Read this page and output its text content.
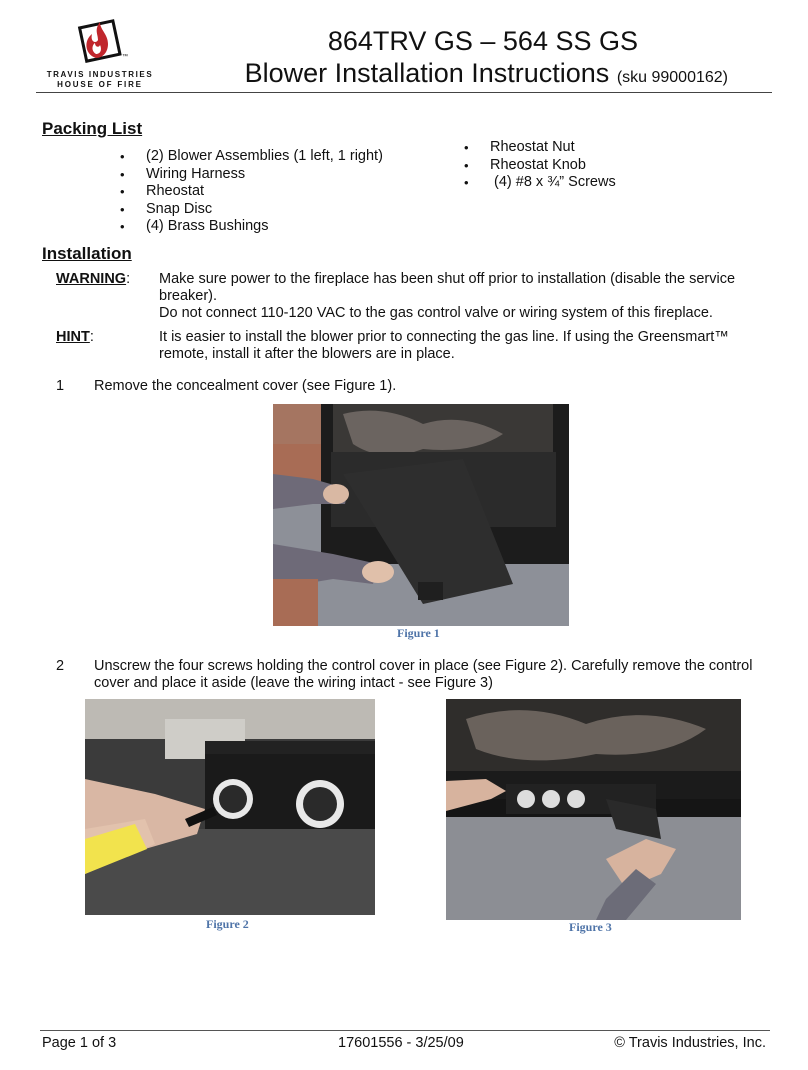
™
TRAVIS INDUSTRIES
HOUSE OF FIRE
864TRV GS – 564 SS GS
Blower Installation Instructions (sku 99000162)
Packing List
• (2) Blower Assemblies (1 left, 1 right)
• Wiring Harness
• Rheostat
• Snap Disc
• (4) Brass Bushings
• Rheostat Nut
• Rheostat Knob
•  (4) #8 x ¾” Screws
Installation
WARNING: Make sure power to the fireplace has been shut off prior to installation (disable the service breaker).
Do not connect 110-120 VAC to the gas control valve or wiring system of this fireplace.
HINT:	It is easier to install the blower prior to connecting the gas line. If using the Greensmart™ remote, install it after the blowers are in place.
1 Remove the concealment cover (see Figure 1).
Figure 1
2 Unscrew the four screws holding the control cover in place (see Figure 2). Carefully remove the control cover and place it aside (leave the wiring intact - see Figure 3)
Figure 2	Figure 3
Page 1 of 3	17601556 - 3/25/09	© Travis Industries, Inc.
